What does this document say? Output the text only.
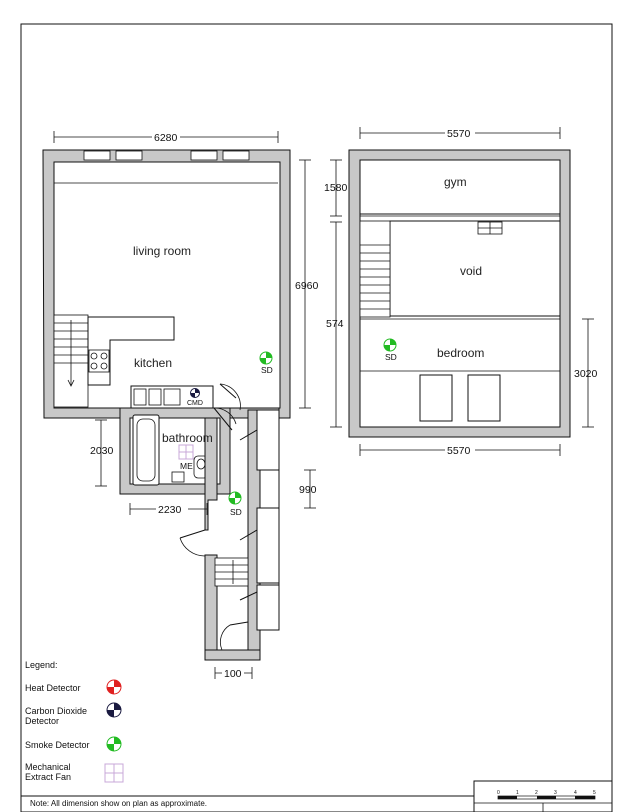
living room
kitchen
bathroom
gym
void
bedroom
SD
SD
SD
CMD
ME
6280
6960
2030
2230
990
100
5570
5570
1580
574
3020
Legend:
Heat Detector
Carbon Dioxide Detector
Smoke Detector
Mechanical Extract Fan
Note: All dimension show on plan as approximate.
0	1	2	3	4	5
